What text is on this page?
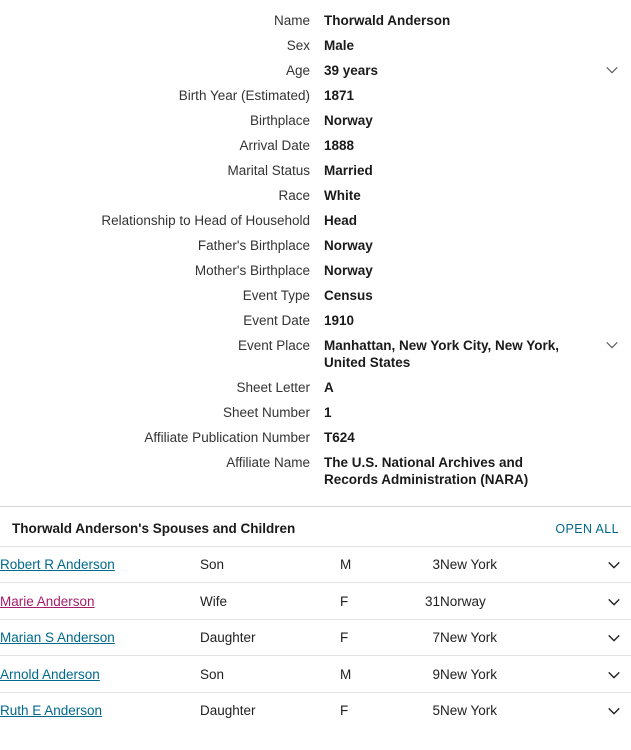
Name Thorwald Anderson
Sex Male
Age 39 years
Birth Year (Estimated) 1871
Birthplace Norway
Arrival Date 1888
Marital Status Married
Race White
Relationship to Head of Household Head
Father's Birthplace Norway
Mother's Birthplace Norway
Event Type Census
Event Date 1910
Event Place Manhattan, New York City, New York, United States
Sheet Letter A
Sheet Number 1
Affiliate Publication Number T624
Affiliate Name The U.S. National Archives and Records Administration (NARA)
Thorwald Anderson's Spouses and Children	OPEN ALL
Robert R Anderson	Son	M	3	New York	
Marie Anderson	Wife	F	31	Norway	
Marian S Anderson	Daughter	F	7	New York	
Arnold Anderson	Son	M	9	New York	
Ruth E Anderson	Daughter	F	5	New York	
